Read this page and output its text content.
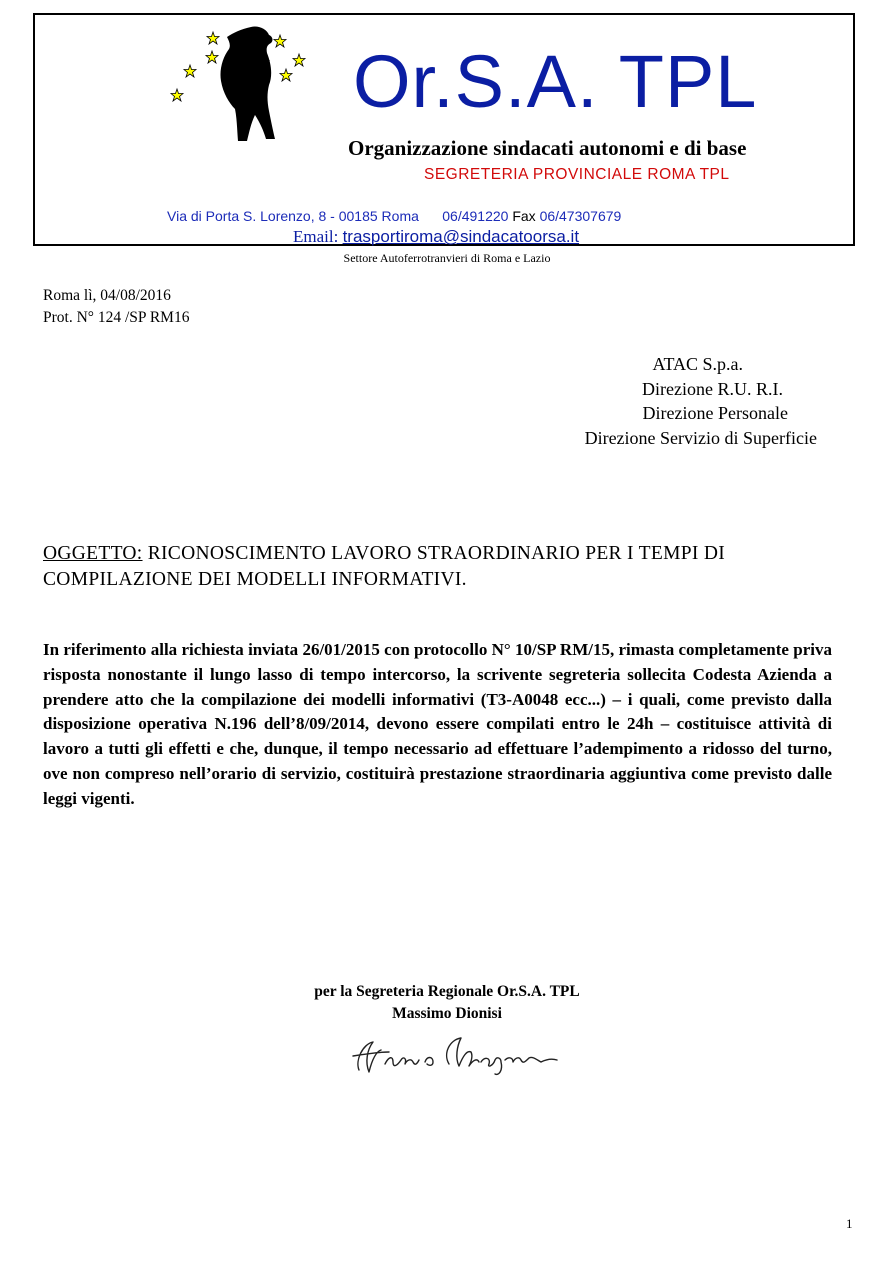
Or.S.A. TPL
Organizzazione sindacati autonomi e di base
SEGRETERIA PROVINCIALE ROMA TPL
Via di Porta S. Lorenzo, 8 - 00185 Roma 06/491220 Fax 06/47307679
Email: trasportiroma@sindacatoorsa.it
Settore Autoferrotranvieri di Roma e Lazio
Roma lì, 04/08/2016
Prot. N° 124 /SP RM16
ATAC S.p.a.
Direzione R.U. R.I.
Direzione Personale
Direzione Servizio di Superficie
OGGETTO: RICONOSCIMENTO LAVORO STRAORDINARIO PER I TEMPI DI COMPILAZIONE DEI MODELLI INFORMATIVI.
In riferimento alla richiesta inviata 26/01/2015 con protocollo N° 10/SP RM/15, rimasta completamente priva risposta nonostante il lungo lasso di tempo intercorso, la scrivente segreteria sollecita Codesta Azienda a prendere atto che la compilazione dei modelli informativi (T3-A0048 ecc...) – i quali, come previsto dalla disposizione operativa N.196 dell’8/09/2014, devono essere compilati entro le 24h – costituisce attività di lavoro a tutti gli effetti e che, dunque, il tempo necessario ad effettuare l’adempimento a ridosso del turno, ove non compreso nell’orario di servizio, costituirà prestazione straordinaria aggiuntiva come previsto dalle leggi vigenti.
per la Segreteria Regionale Or.S.A. TPL
Massimo Dionisi
1
